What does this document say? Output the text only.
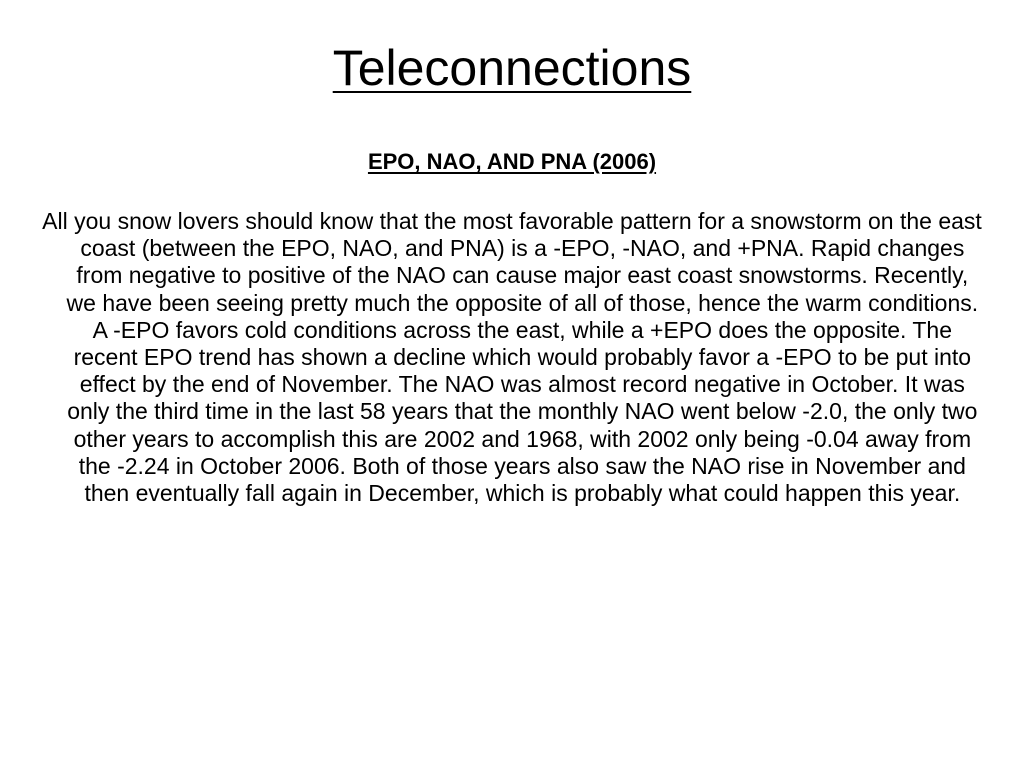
Teleconnections
EPO, NAO, AND PNA (2006)

All you snow lovers should know that the most favorable pattern for a snowstorm on the east coast (between the EPO, NAO, and PNA) is a -EPO, -NAO, and +PNA. Rapid changes from negative to positive of the NAO can cause major east coast snowstorms. Recently, we have been seeing pretty much the opposite of all of those, hence the warm conditions. A -EPO favors cold conditions across the east, while a +EPO does the opposite. The recent EPO trend has shown a decline which would probably favor a -EPO to be put into effect by the end of November. The NAO was almost record negative in October. It was only the third time in the last 58 years that the monthly NAO went below -2.0, the only two other years to accomplish this are 2002 and 1968, with 2002 only being -0.04 away from the -2.24 in October 2006. Both of those years also saw the NAO rise in November and then eventually fall again in December, which is probably what could happen this year.
